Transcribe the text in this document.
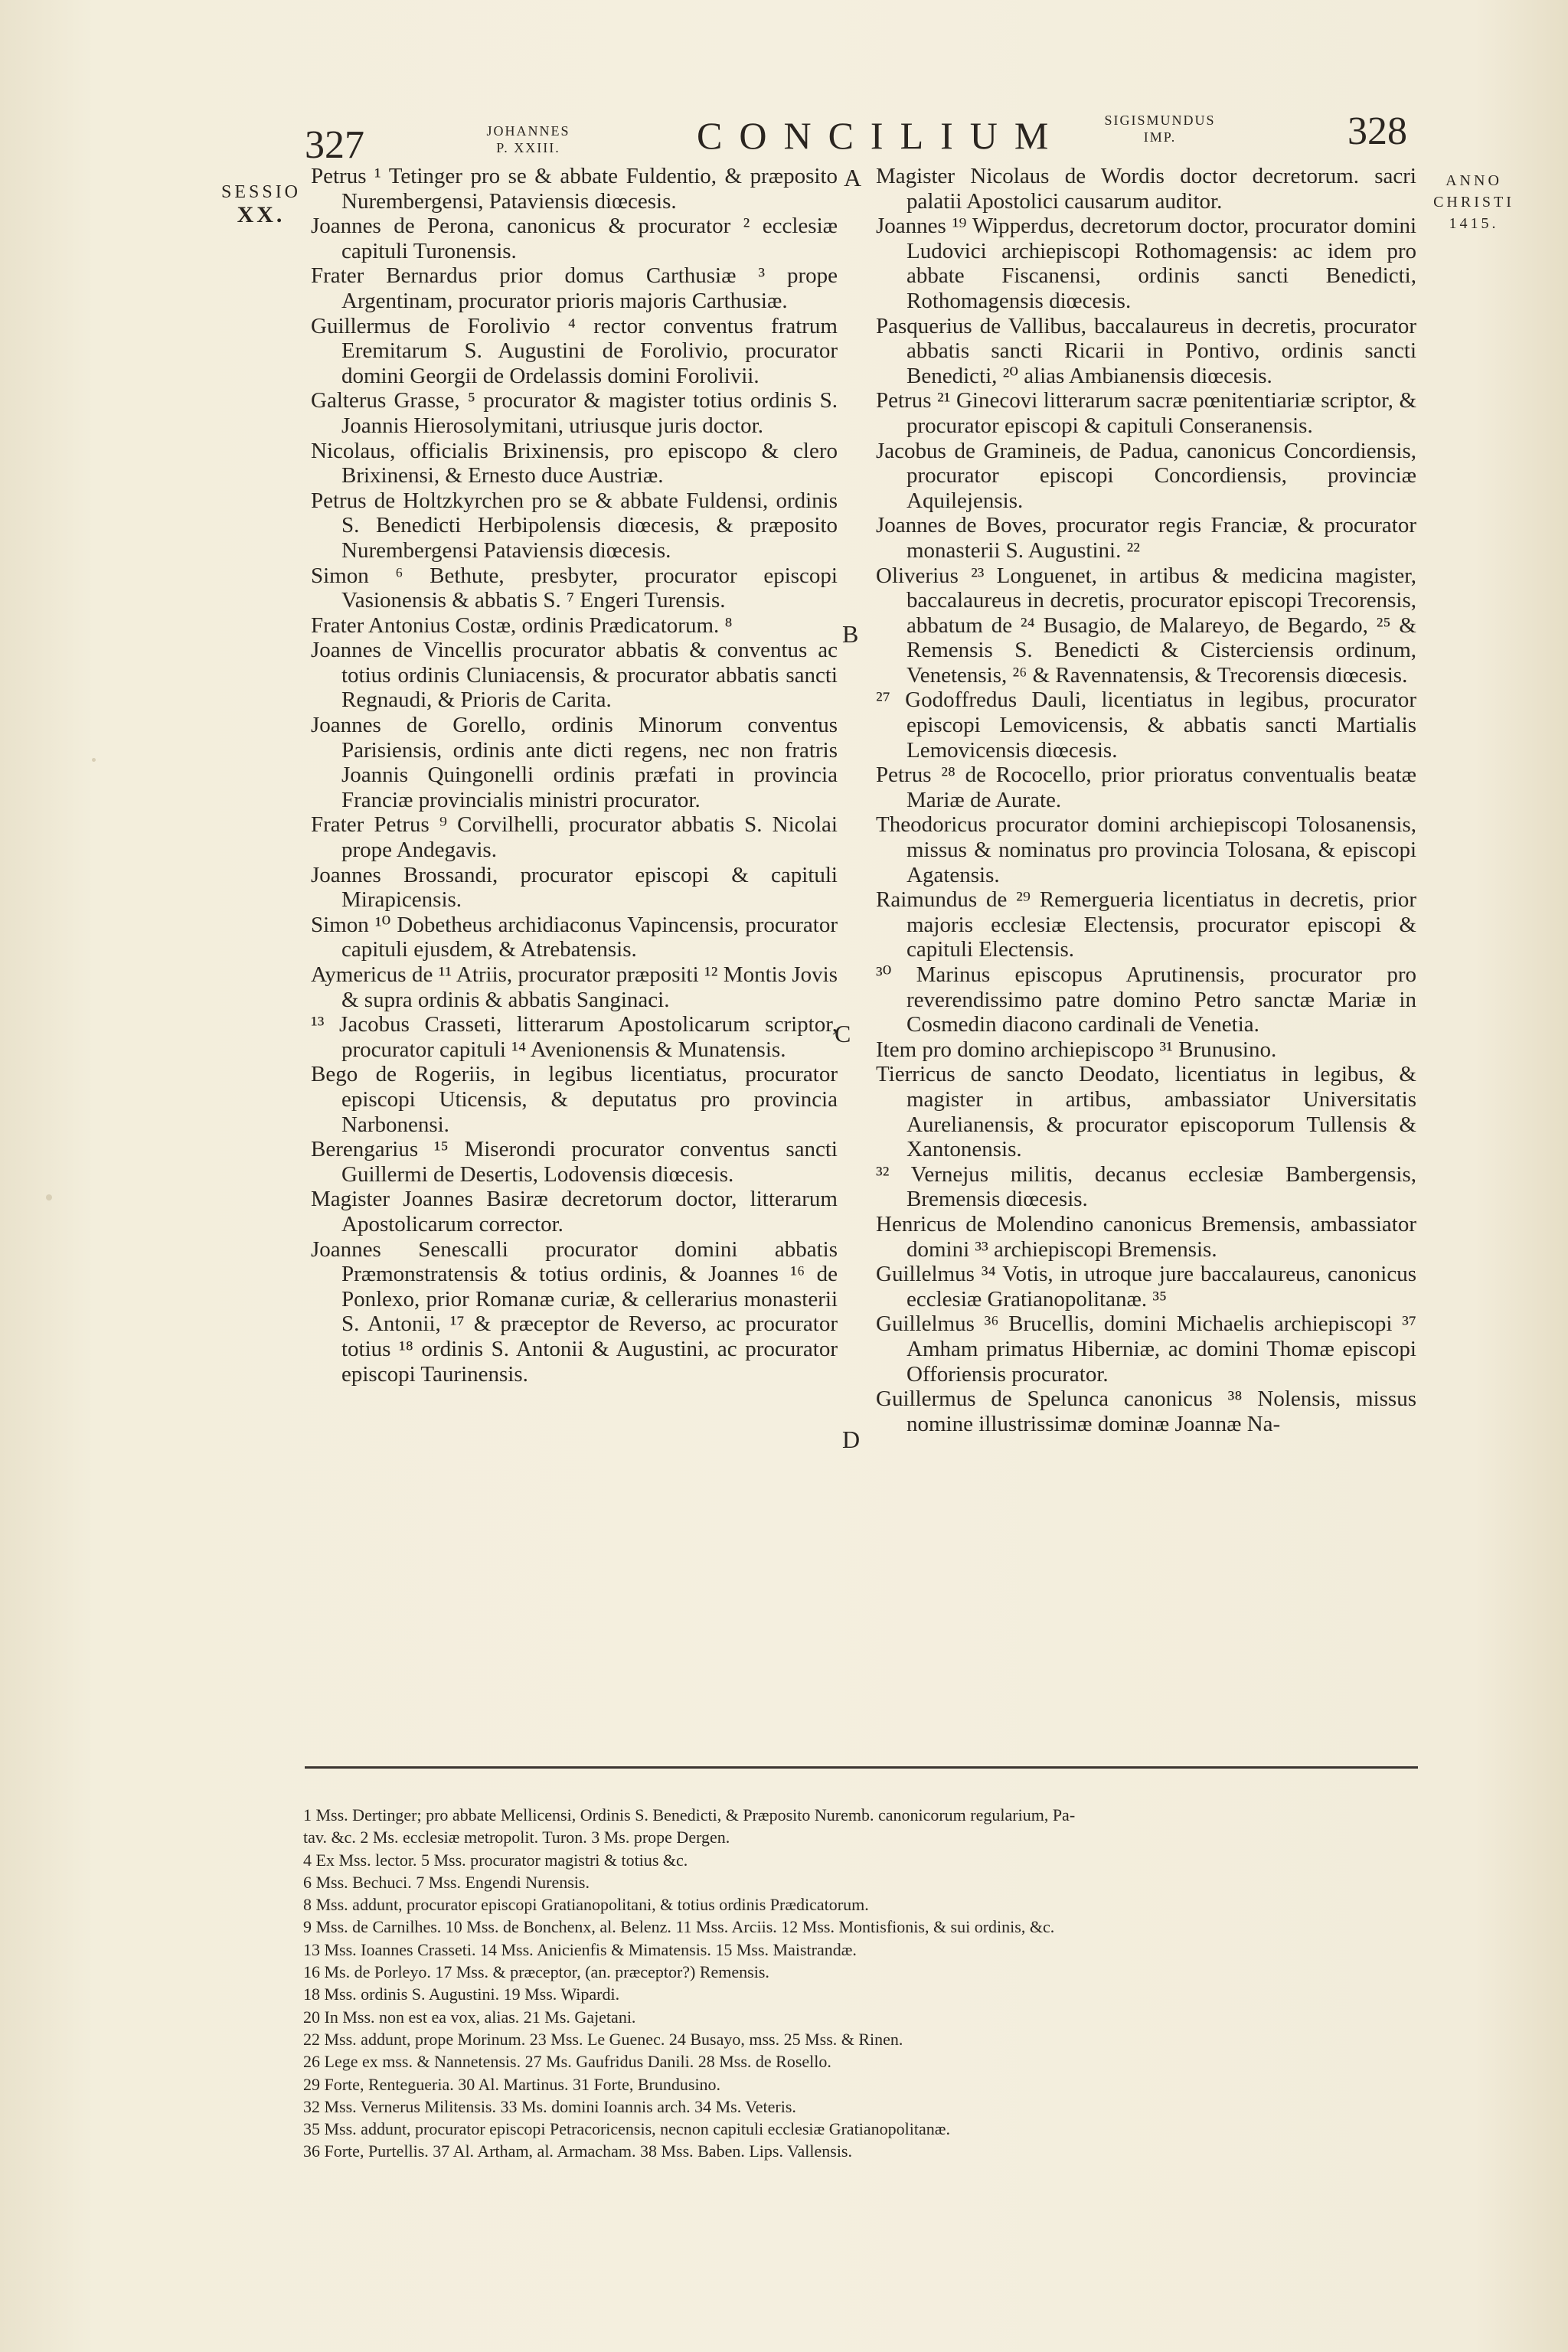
327	JOHANNES
P. XXIII.	CONCILIUM	SIGISMUNDUS
IMP.	328
SESSIO
XX.
ANNO
CHRISTI
1415.
A
B
C
D

Petrus ¹ Tetinger pro se & abbate Fuldentio, & præposito Nurembergensi, Pataviensis diœcesis.

Joannes de Perona, canonicus & procurator ² ecclesiæ capituli Turonensis.

Frater Bernardus prior domus Carthusiæ ³ prope Argentinam, procurator prioris majoris Carthusiæ.

Guillermus de Forolivio ⁴ rector conventus fratrum Eremitarum S. Augustini de Forolivio, procurator domini Georgii de Ordelassis domini Forolivii.

Galterus Grasse, ⁵ procurator & magister totius ordinis S. Joannis Hierosolymitani, utriusque juris doctor.

Nicolaus, officialis Brixinensis, pro episcopo & clero Brixinensi, & Ernesto duce Austriæ.

Petrus de Holtzkyrchen pro se & abbate Fuldensi, ordinis S. Benedicti Herbipolensis diœcesis, & præposito Nurembergensi Pataviensis diœcesis.

Simon ⁶ Bethute, presbyter, procurator episcopi Vasionensis & abbatis S. ⁷ Engeri Turensis.

Frater Antonius Costæ, ordinis Prædicatorum. ⁸

Joannes de Vincellis procurator abbatis & conventus ac totius ordinis Cluniacensis, & procurator abbatis sancti Regnaudi, & Prioris de Carita.

Joannes de Gorello, ordinis Minorum conventus Parisiensis, ordinis ante dicti regens, nec non fratris Joannis Quingonelli ordinis præfati in provincia Franciæ provincialis ministri procurator.

Frater Petrus ⁹ Corvilhelli, procurator abbatis S. Nicolai prope Andegavis.

Joannes Brossandi, procurator episcopi & capituli Mirapicensis.

Simon ¹⁰ Dobetheus archidiaconus Vapincensis, procurator capituli ejusdem, & Atrebatensis.

Aymericus de ¹¹ Atriis, procurator præpositi ¹² Montis Jovis & supra ordinis & abbatis Sanginaci.

¹³ Jacobus Crasseti, litterarum Apostolicarum scriptor, procurator capituli ¹⁴ Avenionensis & Munatensis.

Bego de Rogeriis, in legibus licentiatus, procurator episcopi Uticensis, & deputatus pro provincia Narbonensi.

Berengarius ¹⁵ Miserondi procurator conventus sancti Guillermi de Desertis, Lodovensis diœcesis.

Magister Joannes Basiræ decretorum doctor, litterarum Apostolicarum corrector.

Joannes Senescalli procurator domini abbatis Præmonstratensis & totius ordinis, & Joannes ¹⁶ de Ponlexo, prior Romanæ curiæ, & cellerarius monasterii S. Antonii, ¹⁷ & præceptor de Reverso, ac procurator totius ¹⁸ ordinis S. Antonii & Augustini, ac procurator episcopi Taurinensis.

Magister Nicolaus de Wordis doctor decretorum. sacri palatii Apostolici causarum auditor.

Joannes ¹⁹ Wipperdus, decretorum doctor, procurator domini Ludovici archiepiscopi Rothomagensis: ac idem pro abbate Fiscanensi, ordinis sancti Benedicti, Rothomagensis diœcesis.

Pasquerius de Vallibus, baccalaureus in decretis, procurator abbatis sancti Ricarii in Pontivo, ordinis sancti Benedicti, ²⁰ alias Ambianensis diœcesis.

Petrus ²¹ Ginecovi litterarum sacræ pœnitentiariæ scriptor, & procurator episcopi & capituli Conseranensis.

Jacobus de Gramineis, de Padua, canonicus Concordiensis, procurator episcopi Concordiensis, provinciæ Aquilejensis.

Joannes de Boves, procurator regis Franciæ, & procurator monasterii S. Augustini. ²²

Oliverius ²³ Longuenet, in artibus & medicina magister, baccalaureus in decretis, procurator episcopi Trecorensis, abbatum de ²⁴ Busagio, de Malareyo, de Begardo, ²⁵ & Remensis S. Benedicti & Cisterciensis ordinum, Venetensis, ²⁶ & Ravennatensis, & Trecorensis diœcesis.

²⁷ Godoffredus Dauli, licentiatus in legibus, procurator episcopi Lemovicensis, & abbatis sancti Martialis Lemovicensis diœcesis.

Petrus ²⁸ de Rococello, prior prioratus conventualis beatæ Mariæ de Aurate.

Theodoricus procurator domini archiepiscopi Tolosanensis, missus & nominatus pro provincia Tolosana, & episcopi Agatensis.

Raimundus de ²⁹ Remergueria licentiatus in decretis, prior majoris ecclesiæ Electensis, procurator episcopi & capituli Electensis.

³⁰ Marinus episcopus Aprutinensis, procurator pro reverendissimo patre domino Petro sanctæ Mariæ in Cosmedin diacono cardinali de Venetia.

Item pro domino archiepiscopo ³¹ Brunusino.

Tierricus de sancto Deodato, licentiatus in legibus, & magister in artibus, ambassiator Universitatis Aurelianensis, & procurator episcoporum Tullensis & Xantonensis.

³² Vernejus militis, decanus ecclesiæ Bambergensis, Bremensis diœcesis.

Henricus de Molendino canonicus Bremensis, ambassiator domini ³³ archiepiscopi Bremensis.

Guillelmus ³⁴ Votis, in utroque jure baccalaureus, canonicus ecclesiæ Gratianopolitanæ. ³⁵

Guillelmus ³⁶ Brucellis, domini Michaelis archiepiscopi ³⁷ Amham primatus Hiberniæ, ac domini Thomæ episcopi Offoriensis procurator.

Guillermus de Spelunca canonicus ³⁸ Nolensis, missus nomine illustrissimæ dominæ Joannæ Na-

1 Mss. Dertinger; pro abbate Mellicensi, Ordinis S. Benedicti, & Præposito Nuremb. canonicorum regularium, Pa-

tav. &c. 2 Ms. ecclesiæ metropolit. Turon. 3 Ms. prope Dergen.

4 Ex Mss. lector. 5 Mss. procurator magistri & totius &c.

6 Mss. Bechuci. 7 Mss. Engendi Nurensis.

8 Mss. addunt, procurator episcopi Gratianopolitani, & totius ordinis Prædicatorum.

9 Mss. de Carnilhes. 10 Mss. de Bonchenx, al. Belenz. 11 Mss. Arciis. 12 Mss. Montisfionis, & sui ordinis, &c.

13 Mss. Ioannes Crasseti. 14 Mss. Anicienfis & Mimatensis. 15 Mss. Maistrandæ.

16 Ms. de Porleyo. 17 Mss. & præceptor, (an. præceptor?) Remensis.

18 Mss. ordinis S. Augustini. 19 Mss. Wipardi.

20 In Mss. non est ea vox, alias. 21 Ms. Gajetani.

22 Mss. addunt, prope Morinum. 23 Mss. Le Guenec. 24 Busayo, mss. 25 Mss. & Rinen.

26 Lege ex mss. & Nannetensis. 27 Ms. Gaufridus Danili. 28 Mss. de Rosello.

29 Forte, Rentegueria. 30 Al. Martinus. 31 Forte, Brundusino.

32 Mss. Vernerus Militensis. 33 Ms. domini Ioannis arch. 34 Ms. Veteris.

35 Mss. addunt, procurator episcopi Petracoricensis, necnon capituli ecclesiæ Gratianopolitanæ.

36 Forte, Purtellis. 37 Al. Artham, al. Armacham. 38 Mss. Baben. Lips. Vallensis.
